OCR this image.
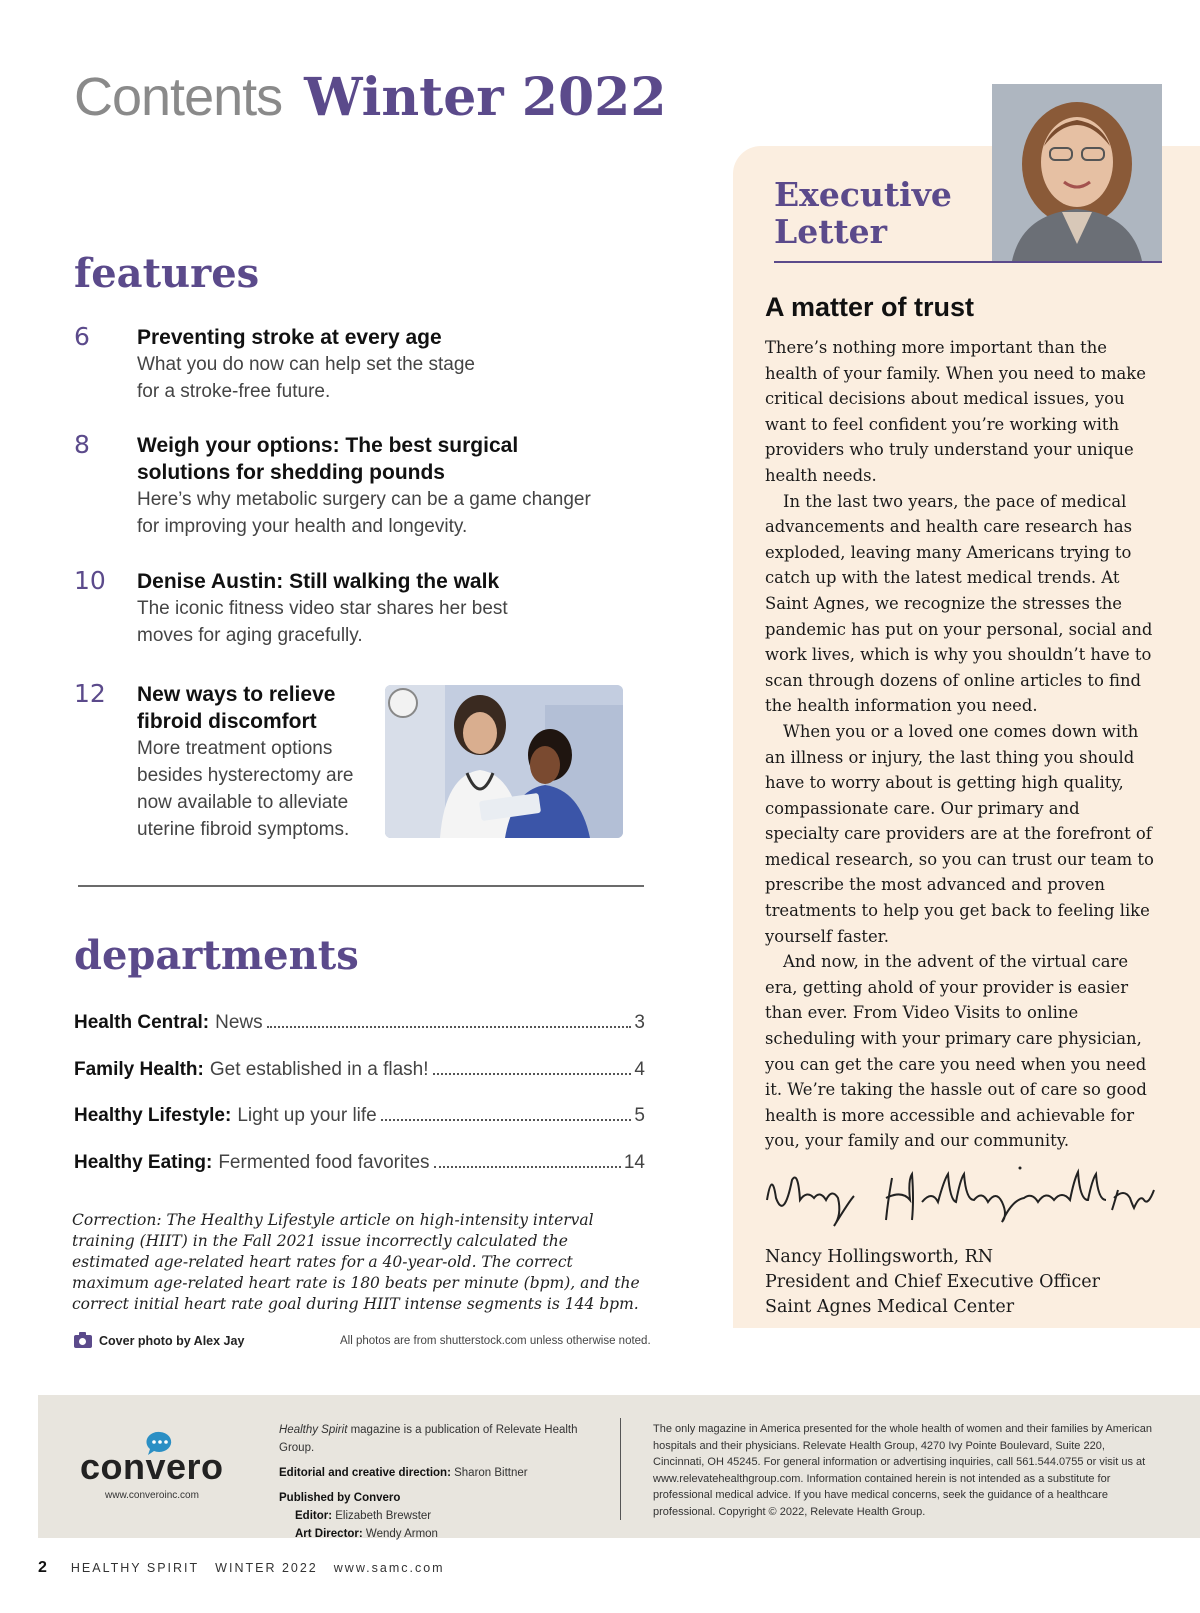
Contents Winter 2022
features
6 Preventing stroke at every age
What you do now can help set the stage
for a stroke-free future.
8 Weigh your options: The best surgical
solutions for shedding pounds
Here’s why metabolic surgery can be a game changer
for improving your health and longevity.
10 Denise Austin: Still walking the walk
The iconic fitness video star shares her best
moves for aging gracefully.
12 New ways to relieve
fibroid discomfort
More treatment options
besides hysterectomy are
now available to alleviate
uterine fibroid symptoms.
departments
Health Central: News	3
Family Health: Get established in a flash!	4
Healthy Lifestyle: Light up your life	5
Healthy Eating: Fermented food favorites	14
Correction: The Healthy Lifestyle article on high-intensity interval training (HIIT) in the Fall 2021 issue incorrectly calculated the estimated age-related heart rates for a 40-year-old. The correct maximum age-related heart rate is 180 beats per minute (bpm), and the correct initial heart rate goal during HIIT intense segments is 144 bpm.
Cover photo by Alex Jay	All photos are from shutterstock.com unless otherwise noted.
Executive
Letter
A matter of trust

There’s nothing more important than the health of your family. When you need to make critical decisions about medical issues, you want to feel confident you’re working with providers who truly understand your unique health needs.

In the last two years, the pace of medical advancements and health care research has exploded, leaving many Americans trying to catch up with the latest medical trends. At Saint Agnes, we recognize the stresses the pandemic has put on your personal, social and work lives, which is why you shouldn’t have to scan through dozens of online articles to find the health information you need.

When you or a loved one comes down with an illness or injury, the last thing you should have to worry about is getting high quality, compassionate care. Our primary and specialty care providers are at the forefront of medical research, so you can trust our team to prescribe the most advanced and proven treatments to help you get back to feeling like yourself faster.

And now, in the advent of the virtual care era, getting ahold of your provider is easier than ever. From Video Visits to online scheduling with your primary care physician, you can get the care you need when you need it. We’re taking the hassle out of care so good health is more accessible and achievable for you, your family and our community.

Nancy Hollingsworth, RN
President and Chief Executive Officer
Saint Agnes Medical Center
convero
www.converoinc.com
Healthy Spirit magazine is a publication of Relevate Health Group.
Editorial and creative direction: Sharon Bittner
Published by Convero
Editor: Elizabeth Brewster
Art Director: Wendy Armon
The only magazine in America presented for the whole health of women and their families by American hospitals and their physicians. Relevate Health Group, 4270 Ivy Pointe Boulevard, Suite 220, Cincinnati, OH 45245. For general information or advertising inquiries, call 561.544.0755 or visit us at www.relevatehealthgroup.com. Information contained herein is not intended as a substitute for professional medical advice. If you have medical concerns, seek the guidance of a healthcare professional. Copyright © 2022, Relevate Health Group.
2 HEALTHY SPIRIT WINTER 2022 www.samc.com
